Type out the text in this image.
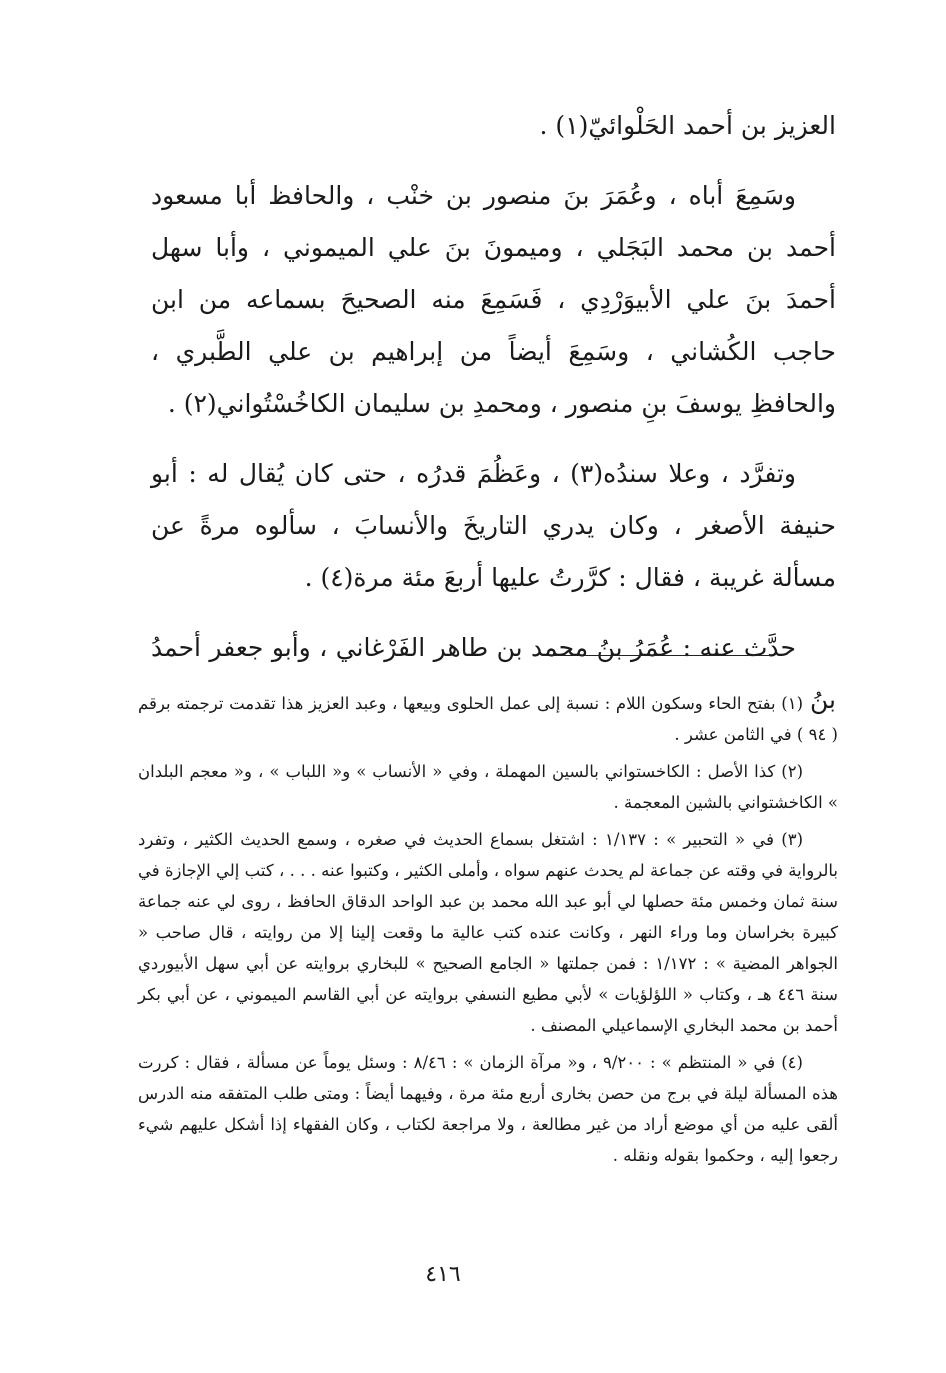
العزيز بن أحمد الحَلْوائيّ(١) .

وسَمِعَ أباه ، وعُمَرَ بنَ منصور بن خنْب ، والحافظ أبا مسعود أحمد بن محمد البَجَلي ، وميمونَ بنَ علي الميموني ، وأبا سهل أحمدَ بنَ علي الأبيوَرْدِي ، فَسَمِعَ منه الصحيحَ بسماعه من ابن حاجب الكُشاني ، وسَمِعَ أيضاً من إبراهيم بن علي الطَّبري ، والحافظِ يوسفَ بنِ منصور ، ومحمدِ بن سليمان الكاخُسْتُواني(٢) .

وتفرَّد ، وعلا سندُه(٣) ، وعَظُمَ قدرُه ، حتى كان يُقال له : أبو حنيفة الأصغر ، وكان يدري التاريخَ والأنسابَ ، سألوه مرةً عن مسألة غريبة ، فقال : كرَّرتُ عليها أربعَ مئة مرة(٤) .

حدَّث عنه : عُمَرُ بنُ محمد بن طاهر الفَرْغاني ، وأبو جعفر أحمدُ بنُ

(١) بفتح الحاء وسكون اللام : نسبة إلى عمل الحلوى وبيعها ، وعبد العزيز هذا تقدمت ترجمته برقم ( ٩٤ ) في الثامن عشر .

(٢) كذا الأصل : الكاخستواني بالسين المهملة ، وفي « الأنساب » و« اللباب » ، و« معجم البلدان » الكاخشتواني بالشين المعجمة .

(٣) في « التحبير » : ١/١٣٧ : اشتغل بسماع الحديث في صغره ، وسمع الحديث الكثير ، وتفرد بالرواية في وقته عن جماعة لم يحدث عنهم سواه ، وأملى الكثير ، وكتبوا عنه . . . ، كتب إلي الإجازة في سنة ثمان وخمس مئة حصلها لي أبو عبد الله محمد بن عبد الواحد الدقاق الحافظ ، روى لي عنه جماعة كبيرة بخراسان وما وراء النهر ، وكانت عنده كتب عالية ما وقعت إلينا إلا من روايته ، قال صاحب « الجواهر المضية » : ١/١٧٢ : فمن جملتها « الجامع الصحيح » للبخاري بروايته عن أبي سهل الأبيوردي سنة ٤٤٦ هـ ، وكتاب « اللؤلؤيات » لأبي مطيع النسفي بروايته عن أبي القاسم الميموني ، عن أبي بكر أحمد بن محمد البخاري الإسماعيلي المصنف .

(٤) في « المنتظم » : ٩/٢٠٠ ، و« مرآة الزمان » : ٨/٤٦ : وسئل يوماً عن مسألة ، فقال : كررت هذه المسألة ليلة في برج من حصن بخارى أربع مئة مرة ، وفيهما أيضاً : ومتى طلب المتفقه منه الدرس ألقى عليه من أي موضع أراد من غير مطالعة ، ولا مراجعة لكتاب ، وكان الفقهاء إذا أشكل عليهم شيء رجعوا إليه ، وحكموا بقوله ونقله .

٤١٦
